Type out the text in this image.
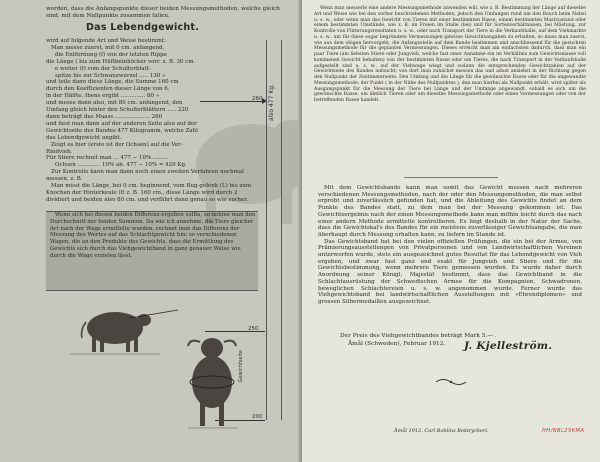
worden, dass die Anfangspunkte dieser beiden Messungsmethoden, welche gleich sind, mit dem Nullpunkte zusammen fallen.
Das Lebendgewicht.

wird auf folgende Art und Weise bestimmt:

Man messe zuerst, mit 0 cm. anfangend,

die Entfernung (f) von der letzten Rippe

die Länge ( bis zum Hüftbeinhöcker vorr. z. B. 30 cm.

e weiter (f) vom der Schulterblatt-

spitze bis zur Schwanzwurzel ..... 130 »

und teile dann diese Länge, die Summe 160 cm

durch den Koeffizienten dieser Länge von 6.

in der Hälfte. Ibens ergibt .............. 80 »

und messe dann also, mit 80 cm. anfangend, den

Umfang gleich hinter den Schulterblättern ..... 220

dann beträgt das Maass .................... 260

und liest man dann auf der anderen Seite also auf der

Gewichtseite des Bandes 477 Kilogramm, welche Zahl

das Lebendgewicht angibt.

Zeigt es hier (erste ist der Ochsen) auf die Ver-

Rindvieh.

Für Stiere rechnet man ... 477 − 10% .........

Ochsen ............. 10% ab. 477 − 10% = 429 Kg.

Zur Kontrolle kann man dann noch einen zweiten Verfahren nochmal messen, z. B.

Man misst die Länge, bei 0 cm. beginnend, vom Bug-gelenk (L) bis zum Knochen der Hinterkeule (f) z. B. 160 cm., diese Länge wird durch 2 dividiert und beiden also 80 cm. und verfährt dann genau so wie vorher.

Wenn sich bei diesen beiden Differenz-ergeben sollte, so nehme man den Durchschnitt der beiden Summen. Da wie ich annehme, die Tiere gleicher Art nach der Wage ermittelte wurden, rechnet man das Differenz der Messung des Wertes auf das Schlachtgewicht hin: so verschiedenen Wagen, die an den Produkte des Gewichts, dass die Ermittlung des Gewichts sich durch das Viehgewichtband in ganz genauer Weise wie durch die Wage erzielen lässt.

also 477 Kg.
260
250
200
Gewichtseite

Wenn man messerle eine andere Messungsmethode anwenden will, wie z. B. Bestimmung der Länge auf dieselbe Art und Weise wie bei den vorher beschriebenen Methoden, jedoch den Umfangen rund um den Bauch beim Nabel u. s. w., oder wenn man das Gewicht von Tieren mit einer bestimmten Rasse, einem bestimmten Mastzustand oder einem bestimmten Umstände, wie z. B. im Freien im Stalle (bei) und für Sortenverhältnissen, bei Mästung, zur Kontrolle von Fütterungsresultaten u. s. w., oder nach Transport der Tiere in die Verkaufshalle, auf dem Viehmarkte u. s. w., um für diese sogar begründete Vermessungen gewisse Gewichtsangaben zu erhalten, so muss man zuerst, wie aus dem obigen hervorgeht, die Anfangsstelle auf dem Bande bestimmen und anschliessend für die gesuchten Messungsmethode für die geplanten Vermessungen. Dieses erreicht man am einfachsten dadurch, dass man ein paar Tiere (am liebsten Stiere oder Jungvieh, welche fast einer Annahme ein im Verhältnis zum Gewichtsmasse voll kommenen Gewicht behalten) von der bestimmten Rasse oder ein Tieres, die nach Transport in der Verkaufshalle aufgestellt sind u. s. w., auf der Viehwage wiegt und sodann die entsprechenden Gewichtzahlen auf der Gewichtseite des Bandes aufsucht; von dort man zunächst messen das und adust ansiehst in der Richtung gegen den Nullpunkt der Zentimeterseite. Den Umfang und die Länge für die gewünschte Rasse oder für die angewandte Messungsmethode: der Punkt ( in der Nähe des Nullpunktes ), den man hierbei als Nullpunkt erhält, wird später als Ausgangspunkt für die Messung der Tiere bei Länge und der Umfange angewandt, sobald es sich um die gewünschte Rasse, um ähnlich Tieren oder um dieselbe Messungsmethode oder einen Vermessungen oder von der betreffenden Rasse handelt.

Mit dem Gewichtsbande kann man somit das Gewicht messen nach mehreren verschiedenen Messungsmethoden, nach der oder den Messungsmethoden, die man selbst erprobt und zuverlässlich gefunden hat, und die Ableitung des Gewichts findet an dem Punkte des Bandes statt, zu dem man bei der Messung gekommen ist. Das Gewichtsergebnis nach der einen Messungsmethode kann man mithin leicht durch das nach einer andern Methode ermittelte kontrollieren. Es liegt deshalb in der Natur der Sache, dass die Gewichtskal's des Bandes für ein meistens zuverlässiger Gewichtsangabe, die man überhaupt durch Messung erhalten kann, zu liefern im Stande ist.

Das Gewichtsband hat bei den vielen offiziellen Prüfungen, die ein bei der Armee, von Prämierungsausstellungen von Privatpersonen und von Landwirtschaftlichen Vereinen unterworfen wurde, stets ein ausgezeichnet gutes Resultat für das Lebendgewicht von Vieh ergeben, und zwar fast ganz und exakt für Jungvieh und Stiere und für die Gewichtsbestimmung, wenn mehrere Tiere gemessen wurden. Es wurde daher durch Anordnung seiner Königl. Majestät bestimmt, dass das Gewichtband in die Schlachtausrüstung der Schwedischen Armee für die Kompagnien, Schwadronen, beweglichen Schlachtereien u. s. w. angenommen wurde. Ferner wurde das Viehgewichtsband bei landwirtschaftlichen Ausstellungen mit »Ehrendiplomen« und grossen Silbermedaillen ausgezeichnet.

Der Preis des Viehgewichtbandes beträgt Mark 5.— .
Åmål (Schweden), Februar 1912. J. Kjelleström.
Åmål 1912. Carl Bohlins Boktryckeri.	HH/NBL25KMA
